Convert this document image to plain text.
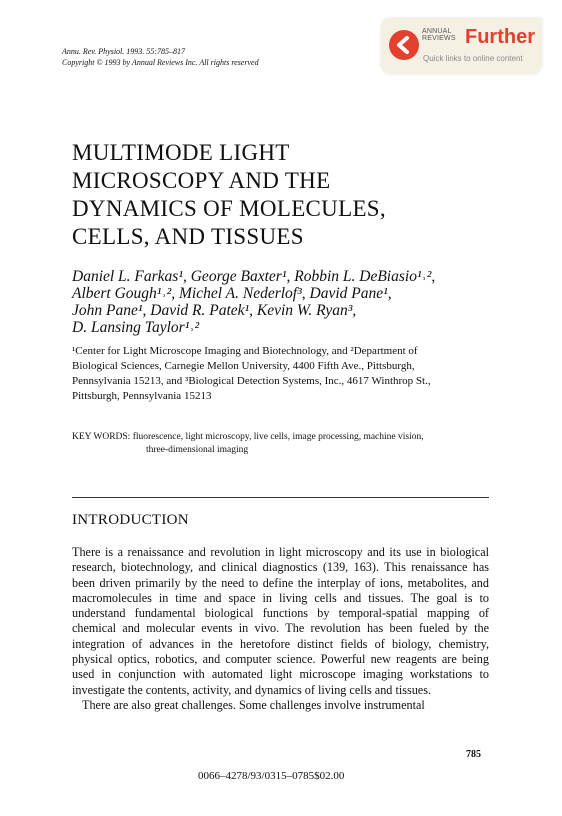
Annu. Rev. Physiol. 1993. 55:785–817
Copyright © 1993 by Annual Reviews Inc. All rights reserved
ANNUAL
REVIEWS Further
Quick links to online content
MULTIMODE LIGHT
MICROSCOPY AND THE
DYNAMICS OF MOLECULES,
CELLS, AND TISSUES
Daniel L. Farkas¹, George Baxter¹, Robbin L. DeBiasio¹˒²,
Albert Gough¹˒², Michel A. Nederlof³, David Pane¹,
John Pane¹, David R. Patek¹, Kevin W. Ryan³,
D. Lansing Taylor¹˒²
¹Center for Light Microscope Imaging and Biotechnology, and ²Department of
Biological Sciences, Carnegie Mellon University, 4400 Fifth Ave., Pittsburgh,
Pennsylvania 15213, and ³Biological Detection Systems, Inc., 4617 Winthrop St.,
Pittsburgh, Pennsylvania 15213
KEY WORDS: fluorescence, light microscopy, live cells, image processing, machine vision,
three-dimensional imaging
INTRODUCTION

There is a renaissance and revolution in light microscopy and its use in biological research, biotechnology, and clinical diagnostics (139, 163). This renaissance has been driven primarily by the need to define the interplay of ions, metabolites, and macromolecules in time and space in living cells and tissues. The goal is to understand fundamental biological functions by temporal-spatial mapping of chemical and molecular events in vivo. The revolution has been fueled by the integration of advances in the heretofore distinct fields of biology, chemistry, physical optics, robotics, and computer science. Powerful new reagents are being used in conjunction with automated light microscope imaging workstations to investigate the contents, activity, and dynamics of living cells and tissues.

There are also great challenges. Some challenges involve instrumental

785
0066–4278/93/0315–0785$02.00
